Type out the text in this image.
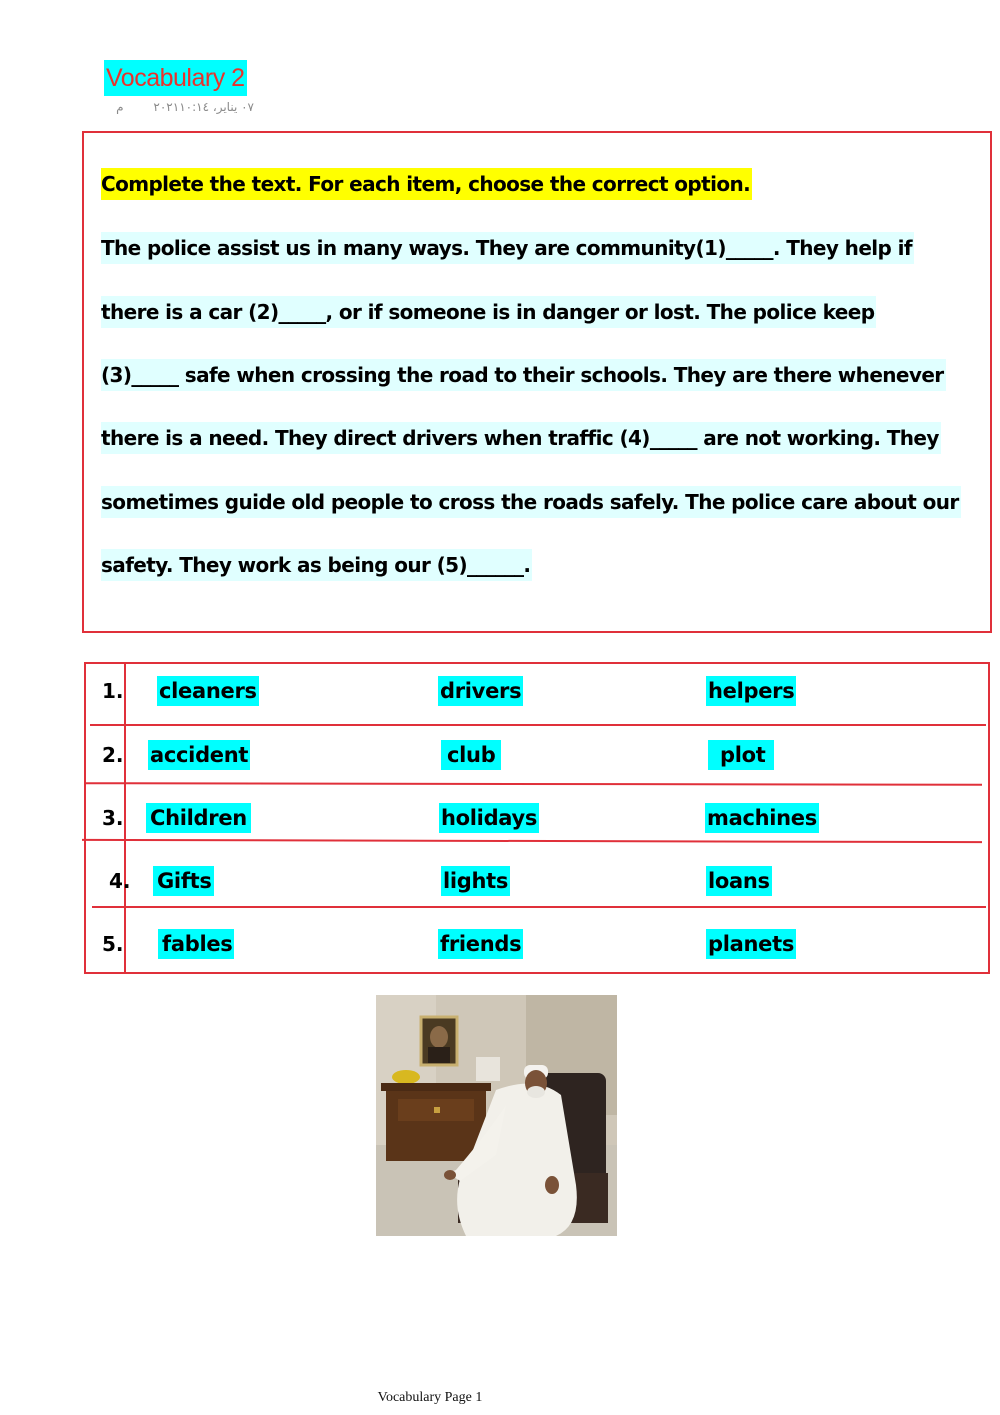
Vocabulary 2
٠٧ يناير، ٢٠٢١١٠:١٤ م
Complete the text. For each item, choose the correct option.
The police assist us in many ways. They are community(1)_____. They help if
there is a car (2)_____, or if someone is in danger or lost. The police keep
(3)_____ safe when crossing the road to their schools. They are there whenever
there is a need. They direct drivers when traffic (4)_____ are not working. They
sometimes guide old people to cross the roads safely. The police care about our
safety. They work as being our (5)______.
1. cleaners	drivers	helpers
2. accident	club	plot
3. Children	holidays	machines
4. Gifts	lights	loans
5. fables	friends	planets
Vocabulary Page 1
